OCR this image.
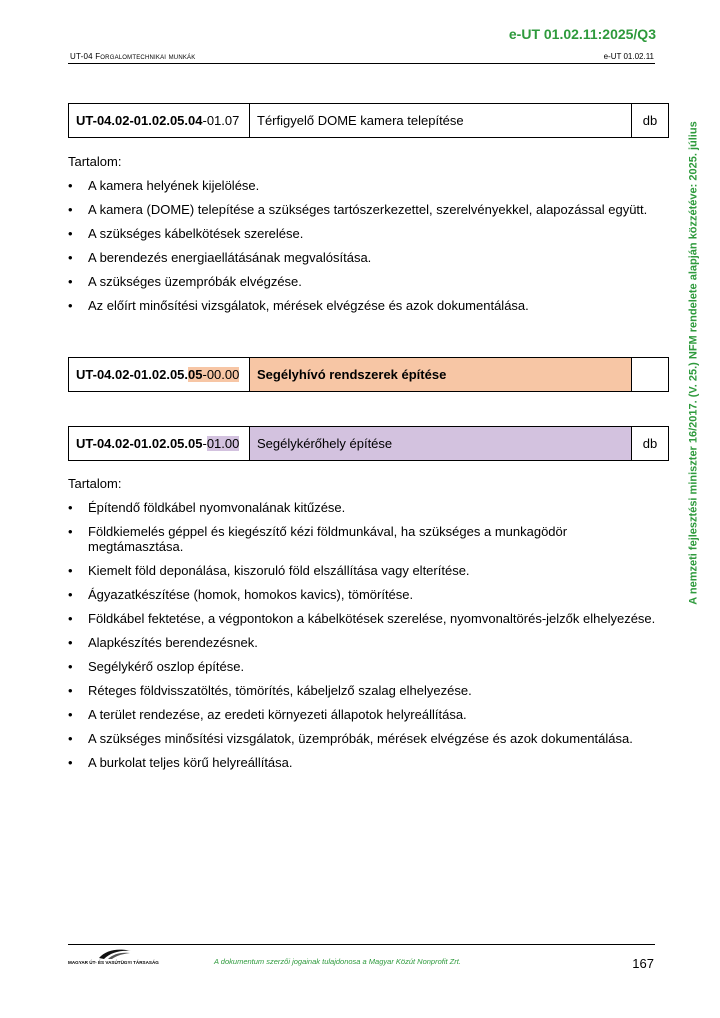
e-UT 01.02.11:2025/Q3
UT-04 Forgalomtechnikai munkák	e-UT 01.02.11
A nemzeti fejlesztési miniszter 16/2017. (V. 25.) NFM rendelete alapján közzétéve: 2025. július
UT-04.02-01.02.05.04 -01.07 Térfigyelő DOME kamera telepítése	db
Tartalom:
• A kamera helyének kijelölése.
• A kamera (DOME) telepítése a szükséges tartószerkezettel, szerelvényekkel, alapozással együtt.
• A szükséges kábelkötések szerelése.
• A berendezés energiaellátásának megvalósítása.
• A szükséges üzempróbák elvégzése.
• Az előírt minősítési vizsgálatok, mérések elvégzése és azok dokumentálása.
UT-04.02-01.02.05. 05 -00.00 Segélyhívó rendszerek építése
UT-04.02-01.02.05.05 - 01.00 Segélykérőhely építése	db
Tartalom:
• Építendő földkábel nyomvonalának kitűzése.
• Földkiemelés géppel és kiegészítő kézi földmunkával, ha szükséges a munkagödör megtámasztása.
• Kiemelt föld deponálása, kiszoruló föld elszállítása vagy elterítése.
• Ágyazatkészítése (homok, homokos kavics), tömörítése.
• Földkábel fektetése, a végpontokon a kábelkötések szerelése, nyomvonaltörés-jelzők elhelyezése.
• Alapkészítés berendezésnek.
• Segélykérő oszlop építése.
• Réteges földvisszatöltés, tömörítés, kábeljelző szalag elhelyezése.
• A terület rendezése, az eredeti környezeti állapotok helyreállítása.
• A szükséges minősítési vizsgálatok, üzempróbák, mérések elvégzése és azok dokumentálása.
• A burkolat teljes körű helyreállítása.
MAGYAR ÚT- ÉS VASÚTÜGYI TÁRSASÁG	A dokumentum szerzői jogainak tulajdonosa a Magyar Közút Nonprofit Zrt.	167
